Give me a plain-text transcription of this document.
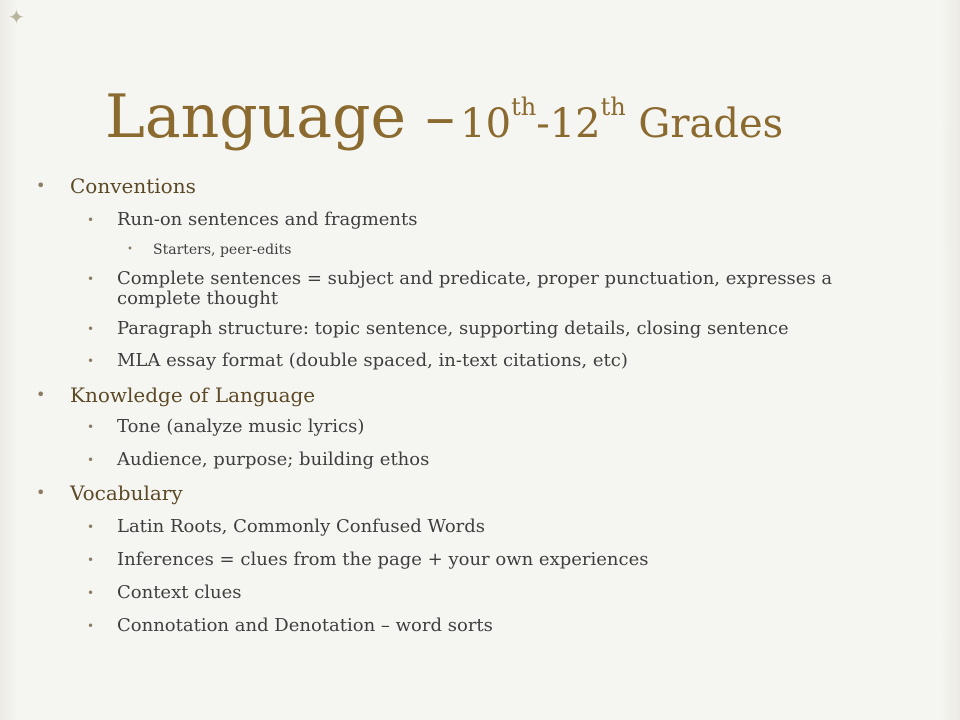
✦
Language – 10th-12th Grades
• Conventions
• Run-on sentences and fragments
• Starters, peer-edits
• Complete sentences = subject and predicate, proper punctuation, expresses a complete thought
• Paragraph structure: topic sentence, supporting details, closing sentence
• MLA essay format (double spaced, in-text citations, etc)
• Knowledge of Language
• Tone (analyze music lyrics)
• Audience, purpose; building ethos
• Vocabulary
• Latin Roots, Commonly Confused Words
• Inferences = clues from the page + your own experiences
• Context clues
• Connotation and Denotation – word sorts
